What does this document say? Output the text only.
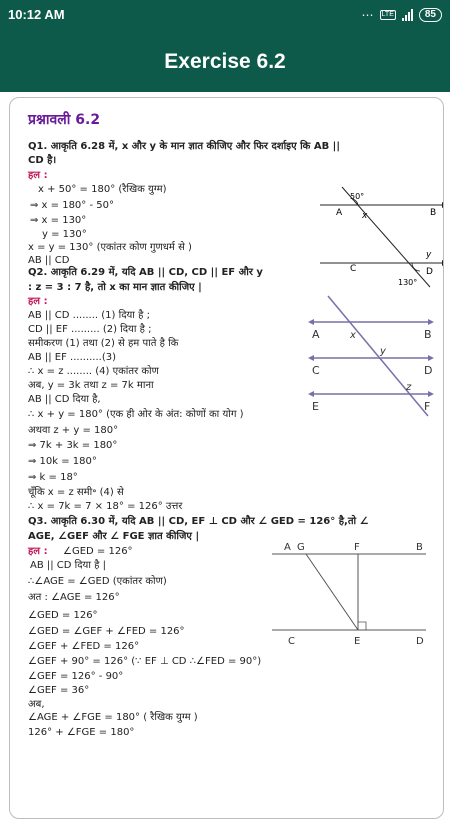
10:12 AM	⋯ LTE	85
Exercise 6.2
प्रश्नावली 6.2
Q1. आकृति 6.28 में, x और y के मान ज्ञात कीजिए और फिर दर्शाइए कि AB ||
CD है।
हल :
x + 50° = 180° (रैखिक युग्म)
⇒ x = 180° - 50°
⇒ x = 130°
y = 130°
x = y = 130° (एकांतर कोण गुणधर्म से )
AB || CD
Q2. आकृति 6.29 में, यदि AB || CD, CD || EF और y
: z = 3 : 7 है, तो x का मान ज्ञात कीजिए |
हल :
AB || CD ........ (1) दिया है ;
CD || EF ......... (2) दिया है ;
समीकरण (1) तथा (2) से हम पाते है कि
AB || EF ..........(3)
∴ x = z ........ (4) एकांतर कोण
अब, y = 3k तथा z = 7k माना
AB || CD दिया है,
∴ x + y = 180° (एक ही ओर के अंत: कोणों का योग )
अथवा z + y = 180°
⇒ 7k + 3k = 180°
⇒ 10k = 180°
⇒ k = 18°
चूँकि x = z समी॰ (4) से
∴ x = 7k = 7 × 18° = 126° उत्तर
Q3. आकृति 6.30 में, यदि AB || CD, EF ⊥ CD और ∠ GED = 126° है,तो ∠
AGE, ∠GEF और ∠ FGE ज्ञात कीजिए |
हल : ∠GED = 126°
AB || CD दिया है |
∴∠AGE = ∠GED (एकांतर कोण)
अत : ∠AGE = 126°
∠GED = 126°
∠GED = ∠GEF + ∠FED = 126°
∠GEF + ∠FED = 126°
∠GEF + 90° = 126° (∵ EF ⊥ CD ∴∠FED = 90°)
∠GEF = 126° - 90°
∠GEF = 36°
अब,
∠AGE + ∠FGE = 180° ( रैखिक युग्म )
126° + ∠FGE = 180°
A	B
50°
x
C	D
y
130°
A	B
x
C	D
y
E	F
z
A G	F	B
C	E	D
